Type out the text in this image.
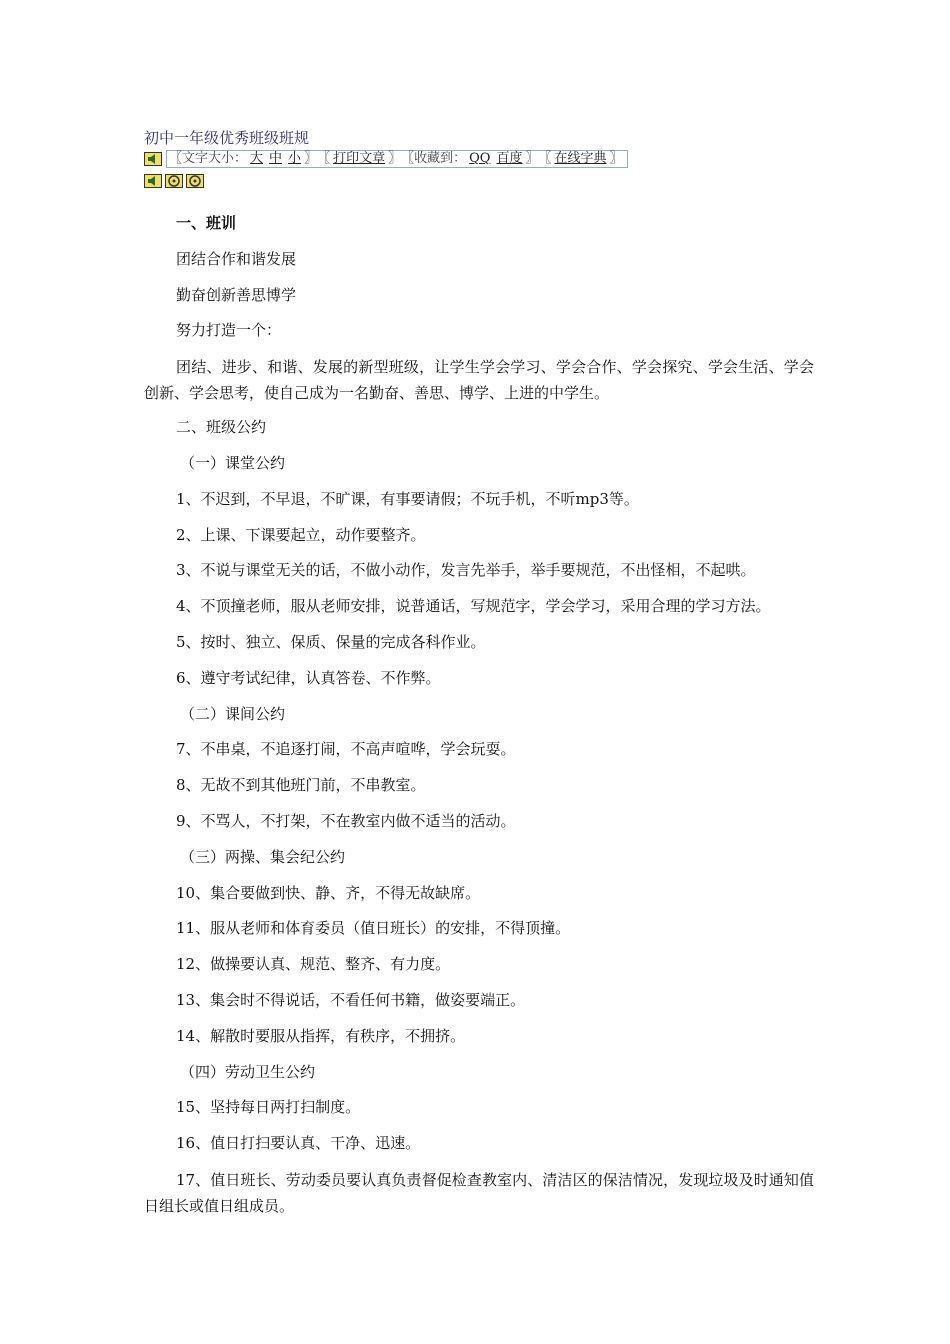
初中一年级优秀班级班规
〖文字大小： 大 中 小 〗 〖 打印文章 〗 〖收藏到： QQ 百度 〗 〖 在线字典 〗

一、班训

团结合作和谐发展

勤奋创新善思博学

努力打造一个：

团结、进步、和谐、发展的新型班级，让学生学会学习、学会合作、学会探究、学会生活、学会创新、学会思考，使自己成为一名勤奋、善思、博学、上进的中学生。

二、班级公约

（一）课堂公约

1、不迟到，不早退，不旷课，有事要请假；不玩手机，不听mp3等。

2、上课、下课要起立，动作要整齐。

3、不说与课堂无关的话，不做小动作，发言先举手，举手要规范，不出怪相，不起哄。

4、不顶撞老师，服从老师安排，说普通话，写规范字，学会学习，采用合理的学习方法。

5、按时、独立、保质、保量的完成各科作业。

6、遵守考试纪律，认真答卷、不作弊。

（二）课间公约

7、不串桌，不追逐打闹，不高声喧哗，学会玩耍。

8、无故不到其他班门前，不串教室。

9、不骂人，不打架，不在教室内做不适当的活动。

（三）两操、集会纪公约

10、集合要做到快、静、齐，不得无故缺席。

11、服从老师和体育委员（值日班长）的安排，不得顶撞。

12、做操要认真、规范、整齐、有力度。

13、集会时不得说话，不看任何书籍，做姿要端正。

14、解散时要服从指挥，有秩序，不拥挤。

（四）劳动卫生公约

15、坚持每日两打扫制度。

16、值日打扫要认真、干净、迅速。

17、值日班长、劳动委员要认真负责督促检查教室内、清洁区的保洁情况，发现垃圾及时通知值日组长或值日组成员。
